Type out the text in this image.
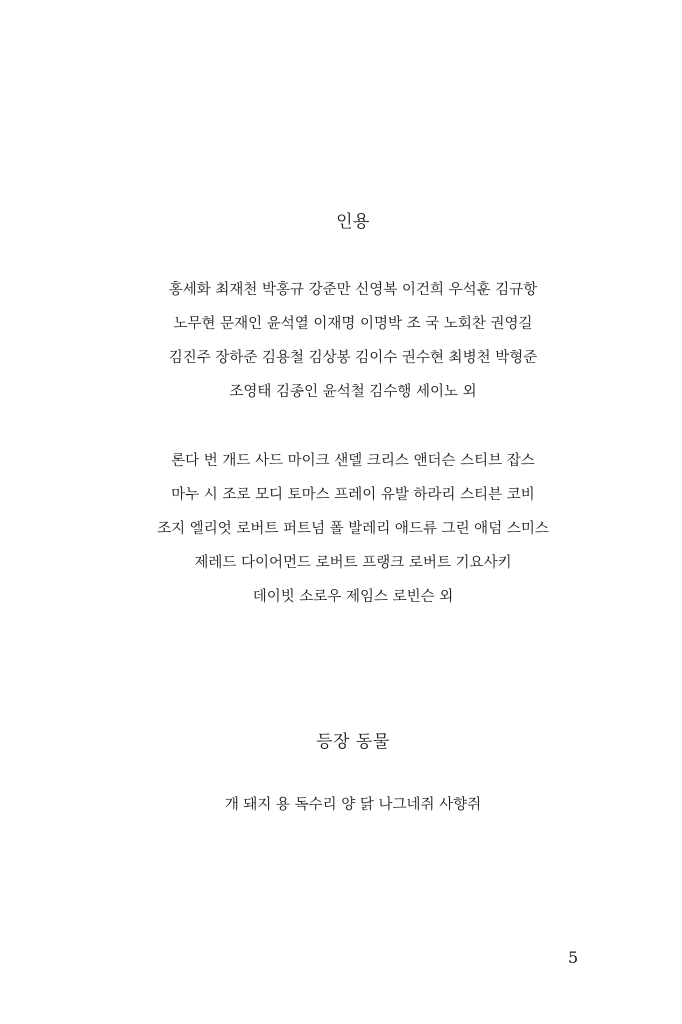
인용
홍세화 최재천 박홍규 강준만 신영복 이건희 우석훈 김규항
노무현 문재인 윤석열 이재명 이명박 조 국 노회찬 권영길
김진주 장하준 김용철 김상봉 김이수 권수현 최병천 박형준
조영태 김종인 윤석철 김수행 세이노 외
론다 번 개드 사드 마이크 샌델 크리스 앤더슨 스티브 잡스
마누 시 조로 모디 토마스 프레이 유발 하라리 스티븐 코비
조지 엘리엇 로버트 퍼트넘 폴 발레리 애드류 그린 애덤 스미스
제레드 다이어먼드 로버트 프랭크 로버트 기요사키
데이빗 소로우 제임스 로빈슨 외
등장 동물
개 돼지 용 독수리 양 닭 나그네쥐 사향쥐
5
